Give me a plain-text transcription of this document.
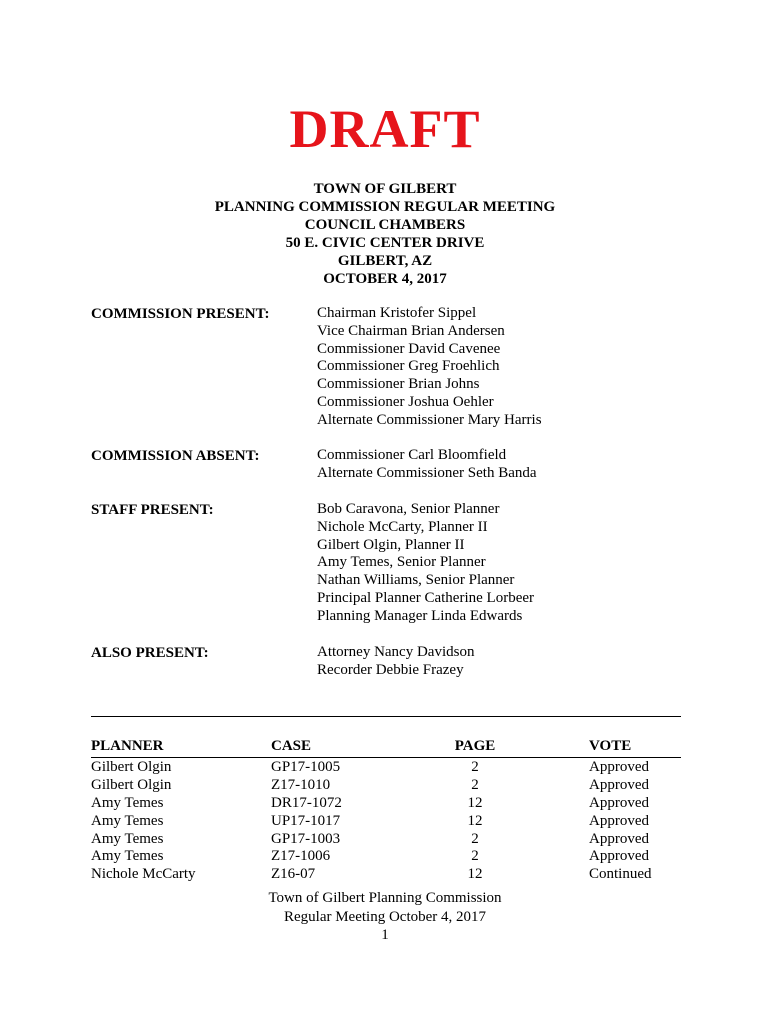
DRAFT
TOWN OF GILBERT
PLANNING COMMISSION REGULAR MEETING
COUNCIL CHAMBERS
50 E. CIVIC CENTER DRIVE
GILBERT, AZ
OCTOBER 4, 2017
COMMISSION PRESENT:	Chairman Kristofer Sippel
Vice Chairman Brian Andersen
Commissioner David Cavenee
Commissioner Greg Froehlich
Commissioner Brian Johns
Commissioner Joshua Oehler
Alternate Commissioner Mary Harris
COMMISSION ABSENT:	Commissioner Carl Bloomfield
Alternate Commissioner Seth Banda
STAFF PRESENT:	Bob Caravona, Senior Planner
Nichole McCarty, Planner II
Gilbert Olgin, Planner II
Amy Temes, Senior Planner
Nathan Williams, Senior Planner
Principal Planner Catherine Lorbeer
Planning Manager Linda Edwards
ALSO PRESENT:	Attorney Nancy Davidson
Recorder Debbie Frazey
PLANNER	CASE	PAGE	VOTE
Gilbert Olgin	GP17-1005	2	Approved
Gilbert Olgin	Z17-1010	2	Approved
Amy Temes	DR17-1072	12	Approved
Amy Temes	UP17-1017	12	Approved
Amy Temes	GP17-1003	2	Approved
Amy Temes	Z17-1006	2	Approved
Nichole McCarty	Z16-07	12	Continued
Town of Gilbert Planning Commission
Regular Meeting October 4, 2017
1
